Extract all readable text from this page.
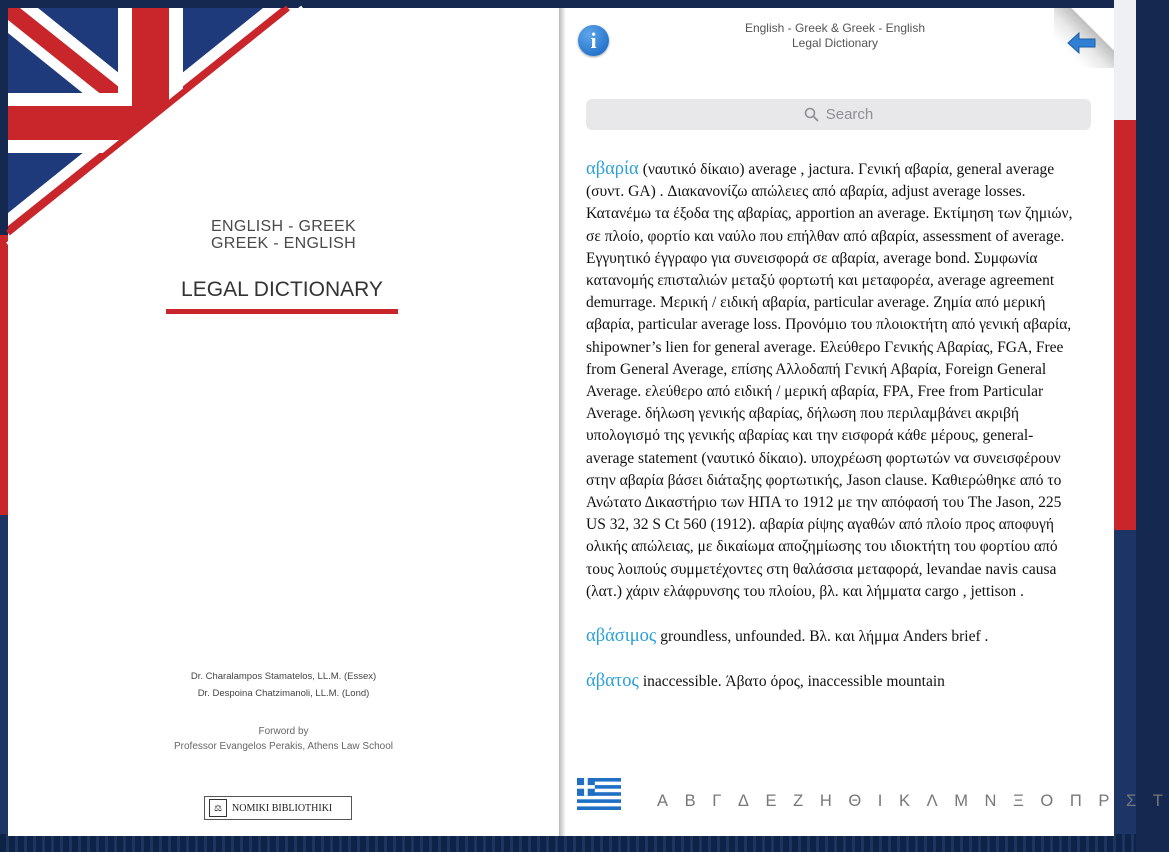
ENGLISH - GREEK
GREEK - ENGLISH
LEGAL DICTIONARY
Dr. Charalampos Stamatelos, LL.M. (Essex)
Dr. Despoina Chatzimanoli, LL.M. (Lond)
Forword by
Professor Evangelos Perakis, Athens Law School
⚖ NOMIKI BIBLIOTHIKI
i	English - Greek & Greek - English
Legal Dictionary
Search
αβαρία (ναυτικό δίκαιο) average , jactura. Γενική αβαρία, general average (συντ. GA) . Διακανονίζω απώλειες από αβαρία, adjust average losses. Κατανέμω τα έξοδα της αβαρίας, apportion an average. Εκτίμηση των ζημιών, σε πλοίο, φορτίο και ναύλο που επήλθαν από αβαρία, assessment of average. Εγγυητικό έγγραφο για συνεισφορά σε αβαρία, average bond. Συμφωνία κατανομής επισταλιών μεταξύ φορτωτή και μεταφορέα, average agreement demurrage. Μερική / ειδική αβαρία, particular average. Ζημία από μερική αβαρία, particular average loss. Προνόμιο του πλοιοκτήτη από γενική αβαρία, shipowner’s lien for general average. Ελεύθερο Γενικής Αβαρίας, FGA, Free from General Average, επίσης Αλλοδαπή Γενική Αβαρία, Foreign General Average. ελεύθερο από ειδική / μερική αβαρία, FPA, Free from Particular Average. δήλωση γενικής αβαρίας, δήλωση που περιλαμβάνει ακριβή υπολογισμό της γενικής αβαρίας και την εισφορά κάθε μέρους, general-average statement (ναυτικό δίκαιο). υποχρέωση φορτωτών να συνεισφέρουν στην αβαρία βάσει διάταξης φορτωτικής, Jason clause. Καθιερώθηκε από το Ανώτατο Δικαστήριο των ΗΠΑ το 1912 με την απόφασή του The Jason, 225 US 32, 32 S Ct 560 (1912). αβαρία ρίψης αγαθών από πλοίο προς αποφυγή ολικής απώλειας, με δικαίωμα αποζημίωσης του ιδιοκτήτη του φορτίου από τους λοιπούς συμμετέχοντες στη θαλάσσια μεταφορά, levandae navis causa (λατ.) χάριν ελάφρυνσης του πλοίου, βλ. και λήμματα cargo , jettison .
αβάσιμος groundless, unfounded. Βλ. και λήμμα Anders brief .
άβατος inaccessible. Άβατο όρος, inaccessible mountain
Α Β Γ Δ Ε Ζ Η Θ Ι Κ Λ Μ Ν Ξ Ο Π Ρ Σ Τ
